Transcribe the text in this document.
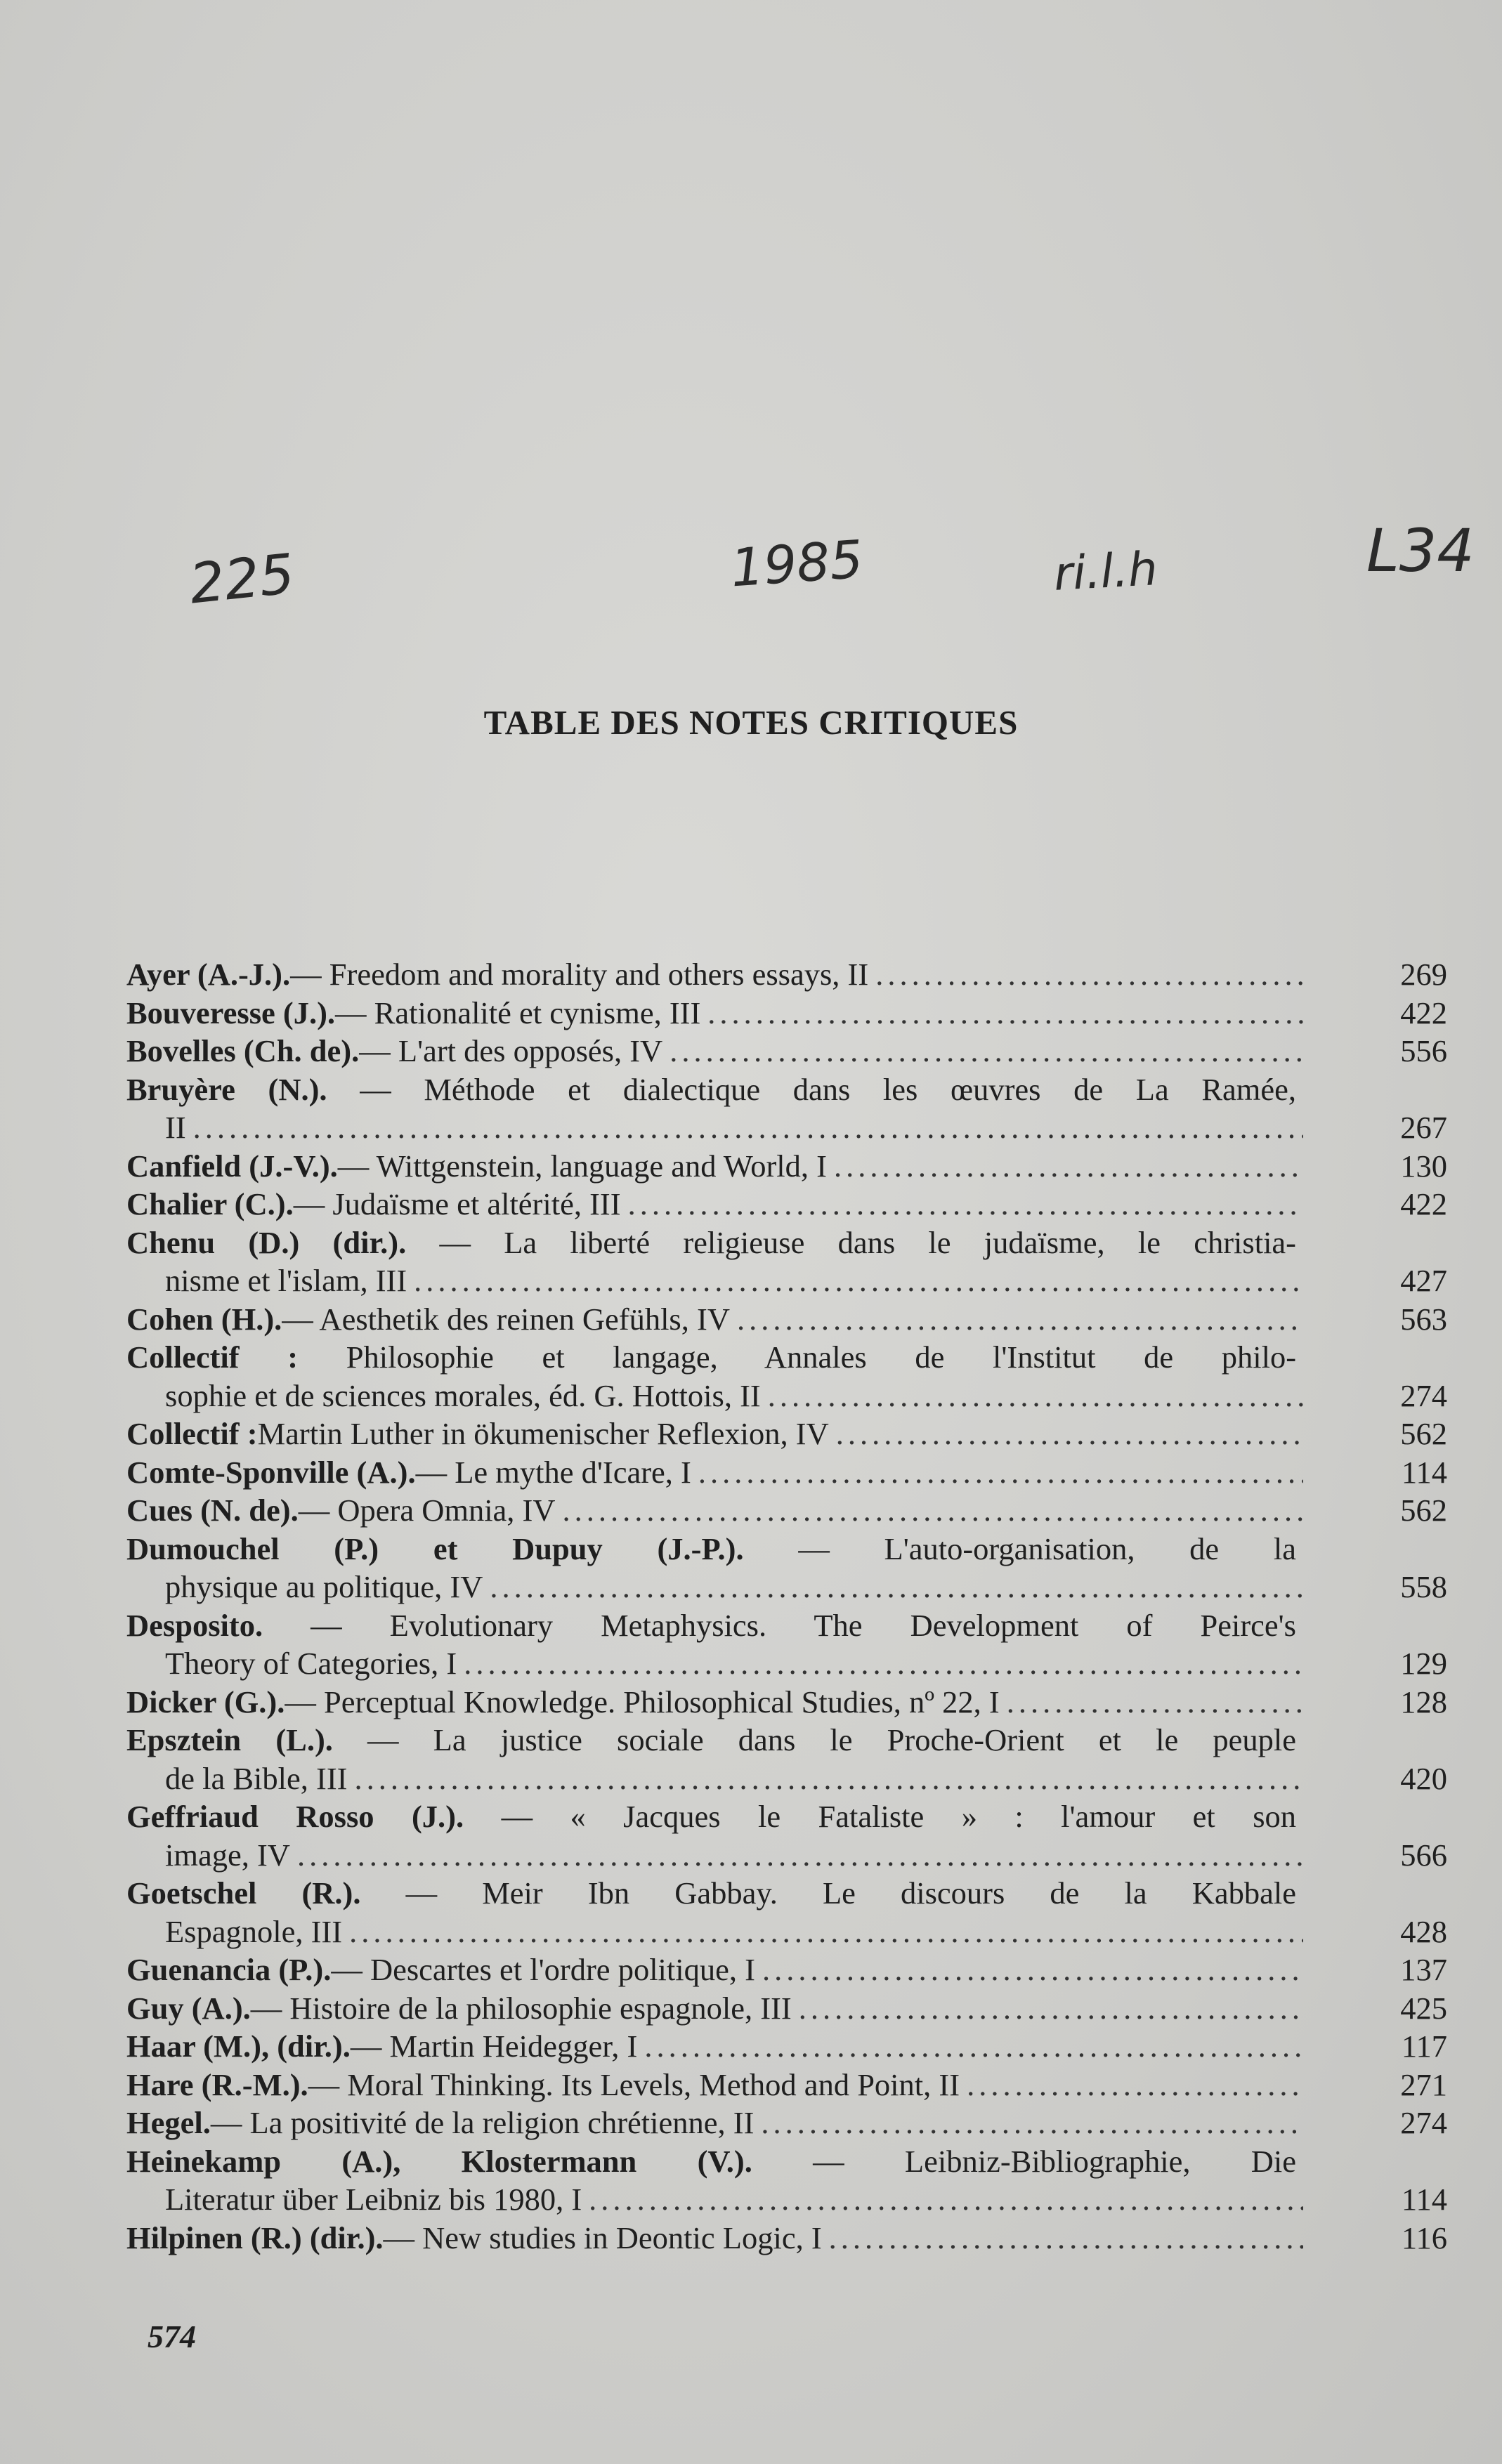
225	1985	ri.l.h	L34
TABLE DES NOTES CRITIQUES
Ayer (A.-J.). — Freedom and morality and others essays, II .....	269
Bouveresse (J.). — Rationalité et cynisme, III .....	422
Bovelles (Ch. de). — L'art des opposés, IV .....	556
Bruyère (N.). — Méthode et dialectique dans les œuvres de La Ramée,
II .....	267
Canfield (J.-V.). — Wittgenstein, language and World, I .....	130
Chalier (C.). — Judaïsme et altérité, III .....	422
Chenu (D.) (dir.). — La liberté religieuse dans le judaïsme, le christia-
nisme et l'islam, III .....	427
Cohen (H.). — Aesthetik des reinen Gefühls, IV .....	563
Collectif : Philosophie et langage, Annales de l'Institut de philo-
sophie et de sciences morales, éd. G. Hottois, II .....	274
Collectif : Martin Luther in ökumenischer Reflexion, IV .....	562
Comte-Sponville (A.). — Le mythe d'Icare, I .....	114
Cues (N. de). — Opera Omnia, IV .....	562
Dumouchel (P.) et Dupuy (J.-P.). — L'auto-organisation, de la
physique au politique, IV .....	558
Desposito. — Evolutionary Metaphysics. The Development of Peirce's
Theory of Categories, I .....	129
Dicker (G.). — Perceptual Knowledge. Philosophical Studies, nº 22, I .....	128
Epsztein (L.). — La justice sociale dans le Proche-Orient et le peuple
de la Bible, III .....	420
Geffriaud Rosso (J.). — « Jacques le Fataliste » : l'amour et son
image, IV .....	566
Goetschel (R.). — Meir Ibn Gabbay. Le discours de la Kabbale
Espagnole, III .....	428
Guenancia (P.). — Descartes et l'ordre politique, I .....	137
Guy (A.). — Histoire de la philosophie espagnole, III .....	425
Haar (M.), (dir.). — Martin Heidegger, I .....	117
Hare (R.-M.). — Moral Thinking. Its Levels, Method and Point, II .....	271
Hegel. — La positivité de la religion chrétienne, II .....	274
Heinekamp (A.), Klostermann (V.). — Leibniz-Bibliographie, Die
Literatur über Leibniz bis 1980, I .....	114
Hilpinen (R.) (dir.). — New studies in Deontic Logic, I .....	116
574
